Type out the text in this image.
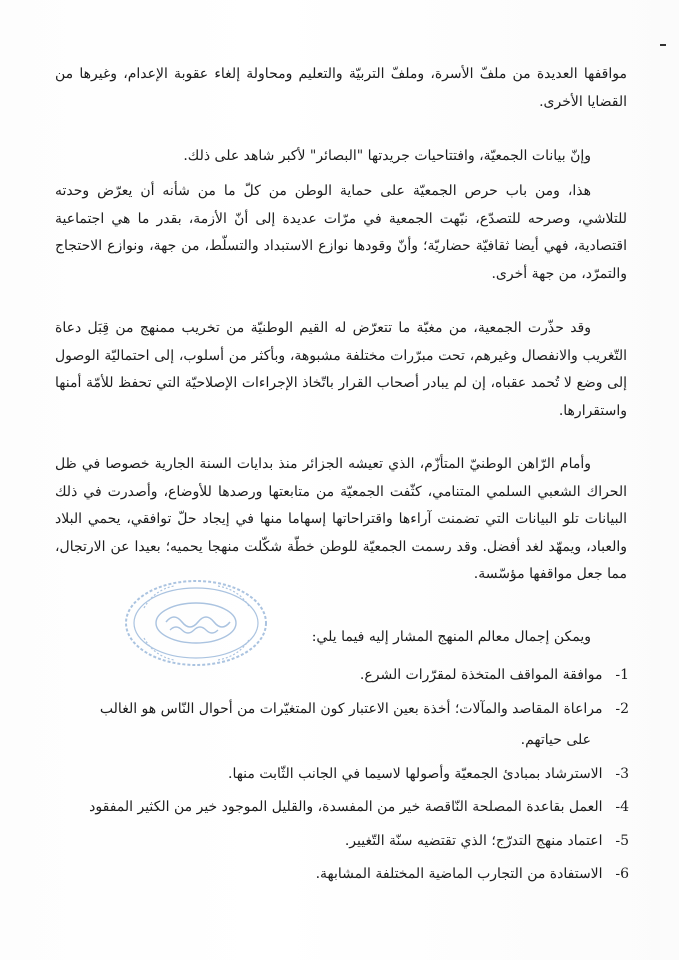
مواقفها العديدة من ملفّ الأسرة، وملفّ التربيّة والتعليم ومحاولة إلغاء عقوبة الإعدام، وغيرها من القضايا الأخرى.

وإنّ بيانات الجمعيّة، وافتتاحيات جريدتها "البصائر" لأكبر شاهد على ذلك.

هذا، ومن باب حرص الجمعيّة على حماية الوطن من كلّ ما من شأنه أن يعرّض وحدته للتلاشي، وصرحه للتصدّع، نبّهت الجمعية في مرّات عديدة إلى أنّ الأزمة، بقدر ما هي اجتماعية اقتصادية، فهي أيضا ثقافيّة حضاريّة؛ وأنّ وقودها نوازع الاستبداد والتسلّط، من جهة، ونوازع الاحتجاج والتمرّد، من جهة أخرى.

وقد حذّرت الجمعية، من مغبّة ما تتعرّض له القيم الوطنيّة من تخريب ممنهج من قِبَل دعاة التّغريب والانفصال وغيرهم، تحت مبرّرات مختلفة مشبوهة، وبأكثر من أسلوب، إلى احتماليّة الوصول إلى وضع لا تُحمد عقباه، إن لم يبادر أصحاب القرار باتّخاذ الإجراءات الإصلاحيّة التي تحفظ للأمّة أمنها واستقرارها.

وأمام الرّاهن الوطنيّ المتأزّم، الذي تعيشه الجزائر منذ بدايات السنة الجارية خصوصا في ظل الحراك الشعبي السلمي المتنامي، كثّفت الجمعيّة من متابعتها ورصدها للأوضاع، وأصدرت في ذلك البيانات تلو البيانات التي تضمنت آراءها واقتراحاتها إسهاما منها في إيجاد حلّ توافقي، يحمي البلاد والعباد، ويمهّد لغد أفضل. وقد رسمت الجمعيّة للوطن خطّة شكّلت منهجا يحميه؛ بعيدا عن الارتجال، مما جعل مواقفها مؤسّسة.

ويمكن إجمال معالم المنهج المشار إليه فيما يلي:

1- موافقة المواقف المتخذة لمقرّرات الشرع.
2- مراعاة المقاصد والمآلات؛ أخذة بعين الاعتبار كون المتغيّرات من أحوال النّاس هو الغالب
على حياتهم.
3- الاسترشاد بمبادئ الجمعيّة وأصولها لاسيما في الجانب الثّابت منها.
4- العمل بقاعدة المصلحة النّاقصة خير من المفسدة، والقليل الموجود خير من الكثير المفقود
5- اعتماد منهج التدرّج؛ الذي تقتضيه سنّة التّغيير.
6- الاستفادة من التجارب الماضية المختلفة المشابهة.
